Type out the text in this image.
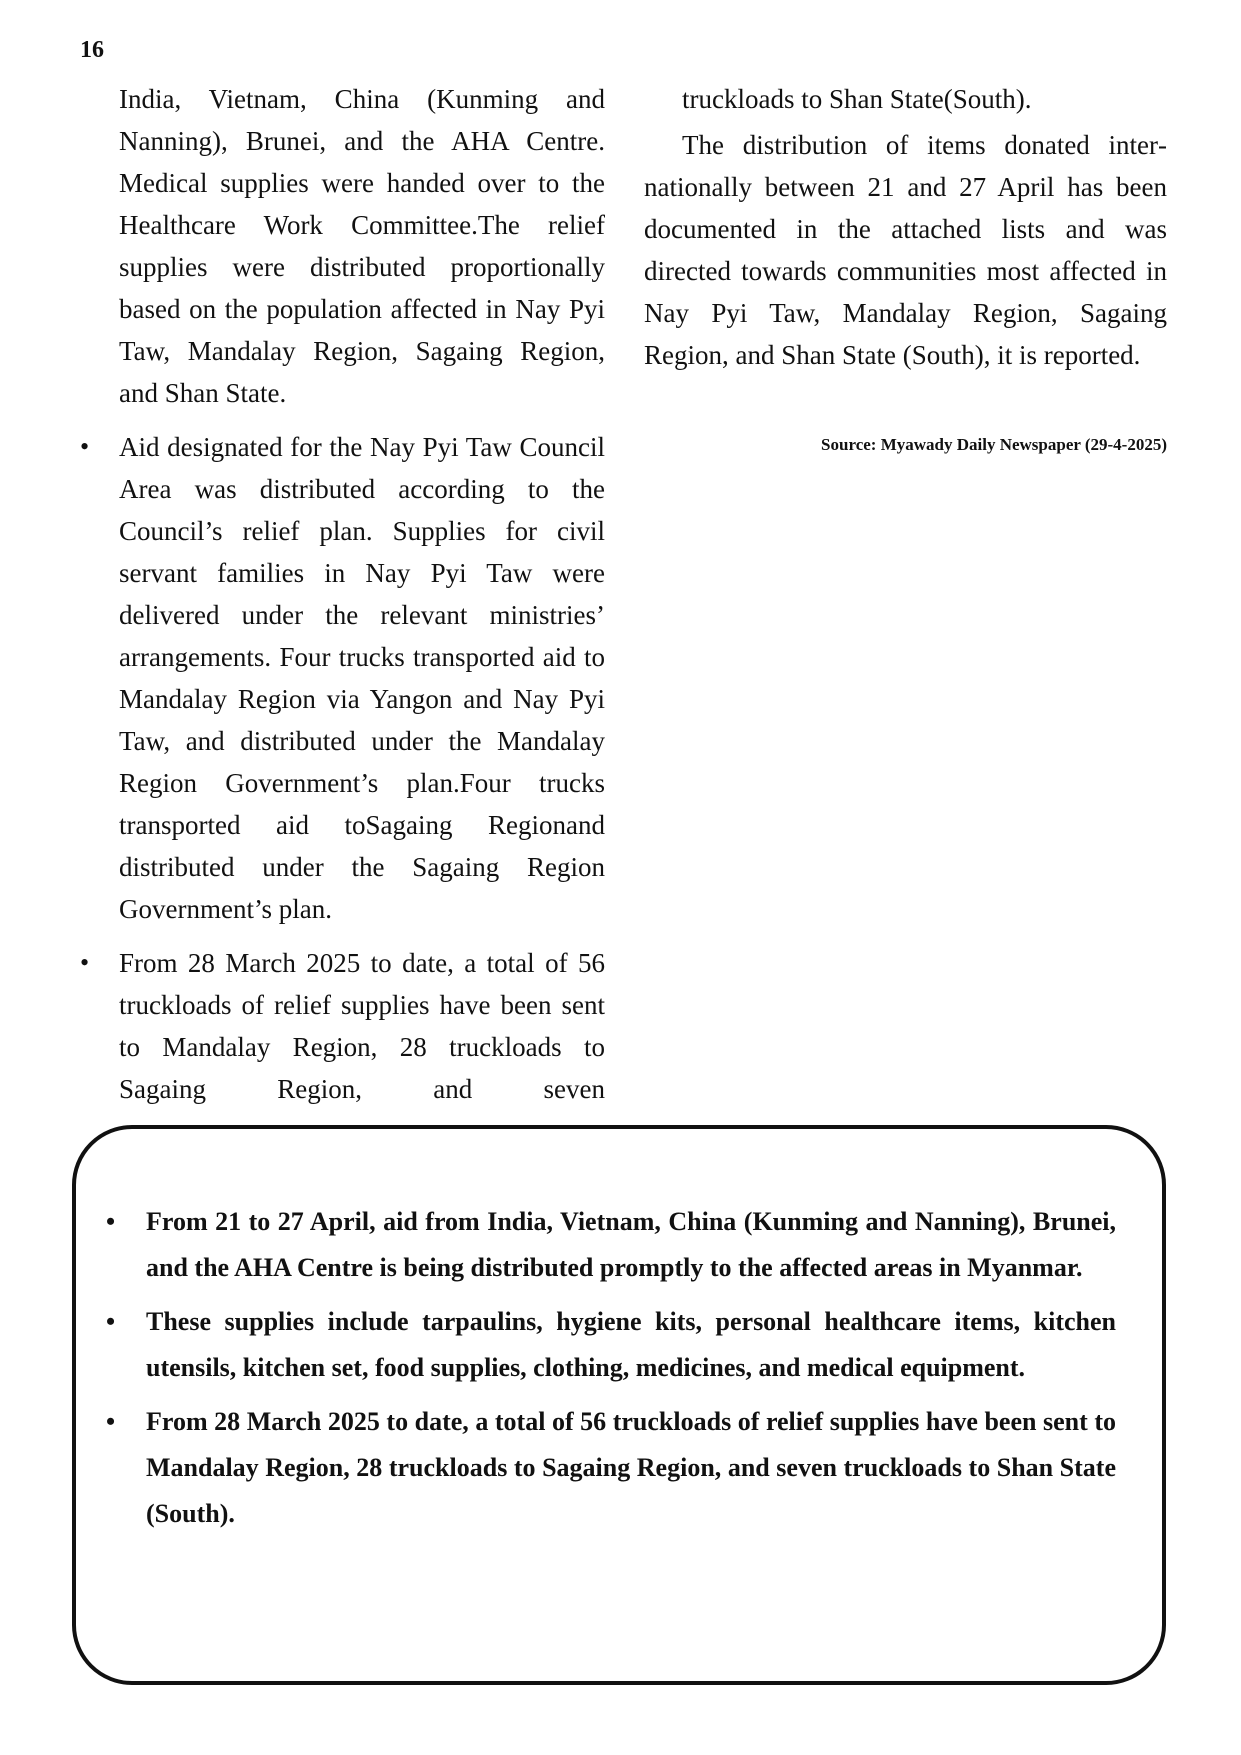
16

India, Vietnam, China (Kunming and Nanning), Brunei, and the AHA Centre. Medical supplies were handed over to the Healthcare Work Committee.The relief supplies were distributed proportionally based on the population affected in Nay Pyi Taw, Mandalay Region, Sagaing Region, and Shan State.

•	Aid designated for the Nay Pyi Taw Council Area was distributed according to the Council’s relief plan. Supplies for civil servant families in Nay Pyi Taw were delivered under the relevant ministries’ arrangements. Four trucks transported aid to Mandalay Region via Yangon and Nay Pyi Taw, and distributed under the Mandalay Region Government’s plan.Four trucks transported aid toSagaing Regionand distributed under the Sagaing Region Government’s plan.
•	From 28 March 2025 to date, a total of 56 truckloads of relief supplies have been sent to Mandalay Region, 28 truckloads to Sagaing Region, and seven

truckloads to Shan State(South).

The distribution of items donated internationally between 21 and 27 April has been documented in the attached lists and was directed towards communities most affected in Nay Pyi Taw, Mandalay Region, Sagaing Region, and Shan State (South), it is reported.

Source: Myawady Daily Newspaper (29-4-2025)
•	From 21 to 27 April, aid from India, Vietnam, China (Kunming and Nanning), Brunei, and the AHA Centre is being distributed promptly to the affected areas in Myanmar.
•	These supplies include tarpaulins, hygiene kits, personal healthcare items, kitchen utensils, kitchen set, food supplies, clothing, medicines, and medical equipment.
•	From 28 March 2025 to date, a total of 56 truckloads of relief supplies have been sent to Mandalay Region, 28 truckloads to Sagaing Region, and seven truckloads to Shan State (South).
